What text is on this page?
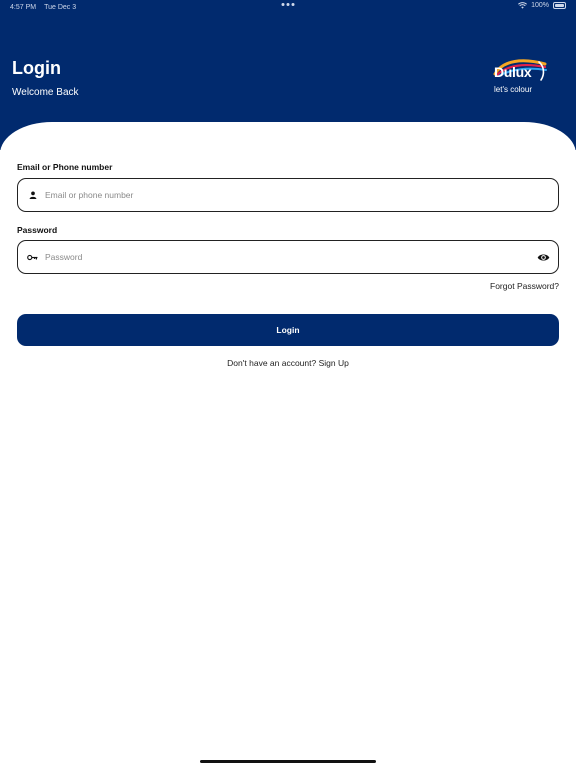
4:57 PM Tue Dec 3	100%
Login
Welcome Back
Dulux
let's colour
Email or Phone number
Email or phone number
Password
Forgot Password?
Login
Don't have an account? Sign Up
